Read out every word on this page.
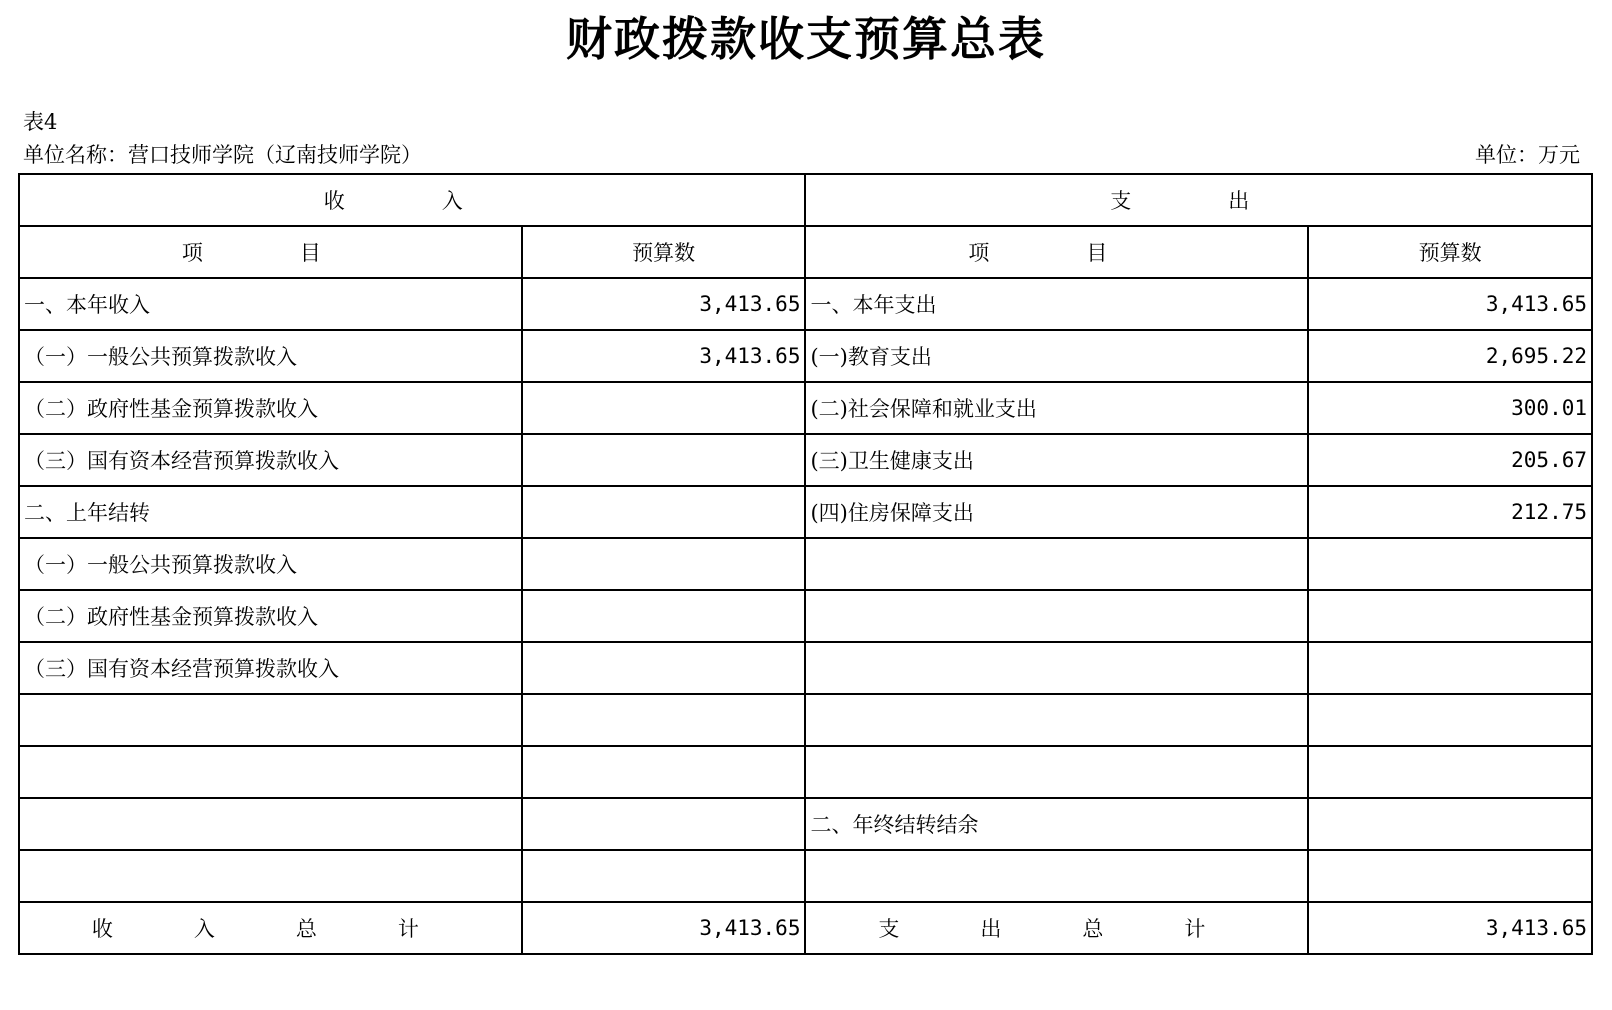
财政拨款收支预算总表
表4
单位名称：营口技师学院（辽南技师学院）	单位：万元
收　入		支　出	
项　目	预算数	项　目	预算数
一、本年收入	3,413.65	一、本年支出	3,413.65
（一）一般公共预算拨款收入	3,413.65	(一)教育支出	2,695.22
（二）政府性基金预算拨款收入		(二)社会保障和就业支出	300.01
（三）国有资本经营预算拨款收入		(三)卫生健康支出	205.67
二、上年结转		(四)住房保障支出	212.75
（一）一般公共预算拨款收入			
（二）政府性基金预算拨款收入			
（三）国有资本经营预算拨款收入			

		二、年终结转结余	

收　入　总　计	3,413.65	支　出　总　计	3,413.65
